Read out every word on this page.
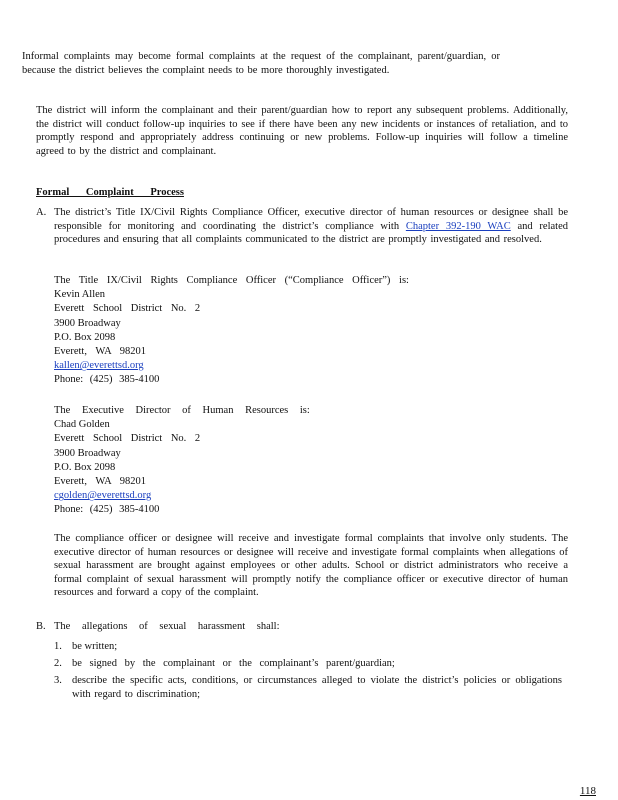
Informal complaints may become formal complaints at the request of the complainant, parent/guardian, or because the district believes the complaint needs to be more thoroughly investigated.

The district will inform the complainant and their parent/guardian how to report any subsequent problems. Additionally, the district will conduct follow-up inquiries to see if there have been any new incidents or instances of retaliation, and to promptly respond and appropriately address continuing or new problems. Follow-up inquiries will follow a timeline agreed to by the district and complainant.

Formal Complaint Process

A. The district’s Title IX/Civil Rights Compliance Officer, executive director of human resources or designee shall be responsible for monitoring and coordinating the district’s compliance with Chapter 392-190 WAC and related procedures and ensuring that all complaints communicated to the district are promptly investigated and resolved.

The Title IX/Civil Rights Compliance Officer (“Compliance Officer”) is:

Kevin Allen

Everett School District No. 2

3900 Broadway

P.O. Box 2098

Everett, WA 98201

kallen@everettsd.org

Phone: (425) 385-4100

The Executive Director of Human Resources is:

Chad Golden

Everett School District No. 2

3900 Broadway

P.O. Box 2098

Everett, WA 98201

cgolden@everettsd.org

Phone: (425) 385-4100

The compliance officer or designee will receive and investigate formal complaints that involve only students. The executive director of human resources or designee will receive and investigate formal complaints when allegations of sexual harassment are brought against employees or other adults. School or district administrators who receive a formal complaint of sexual harassment will promptly notify the compliance officer or executive director of human resources and forward a copy of the complaint.

B. The allegations of sexual harassment shall:

1. be written;

2. be signed by the complainant or the complainant’s parent/guardian;

3. describe the specific acts, conditions, or circumstances alleged to violate the district’s policies or obligations with regard to discrimination;

118
